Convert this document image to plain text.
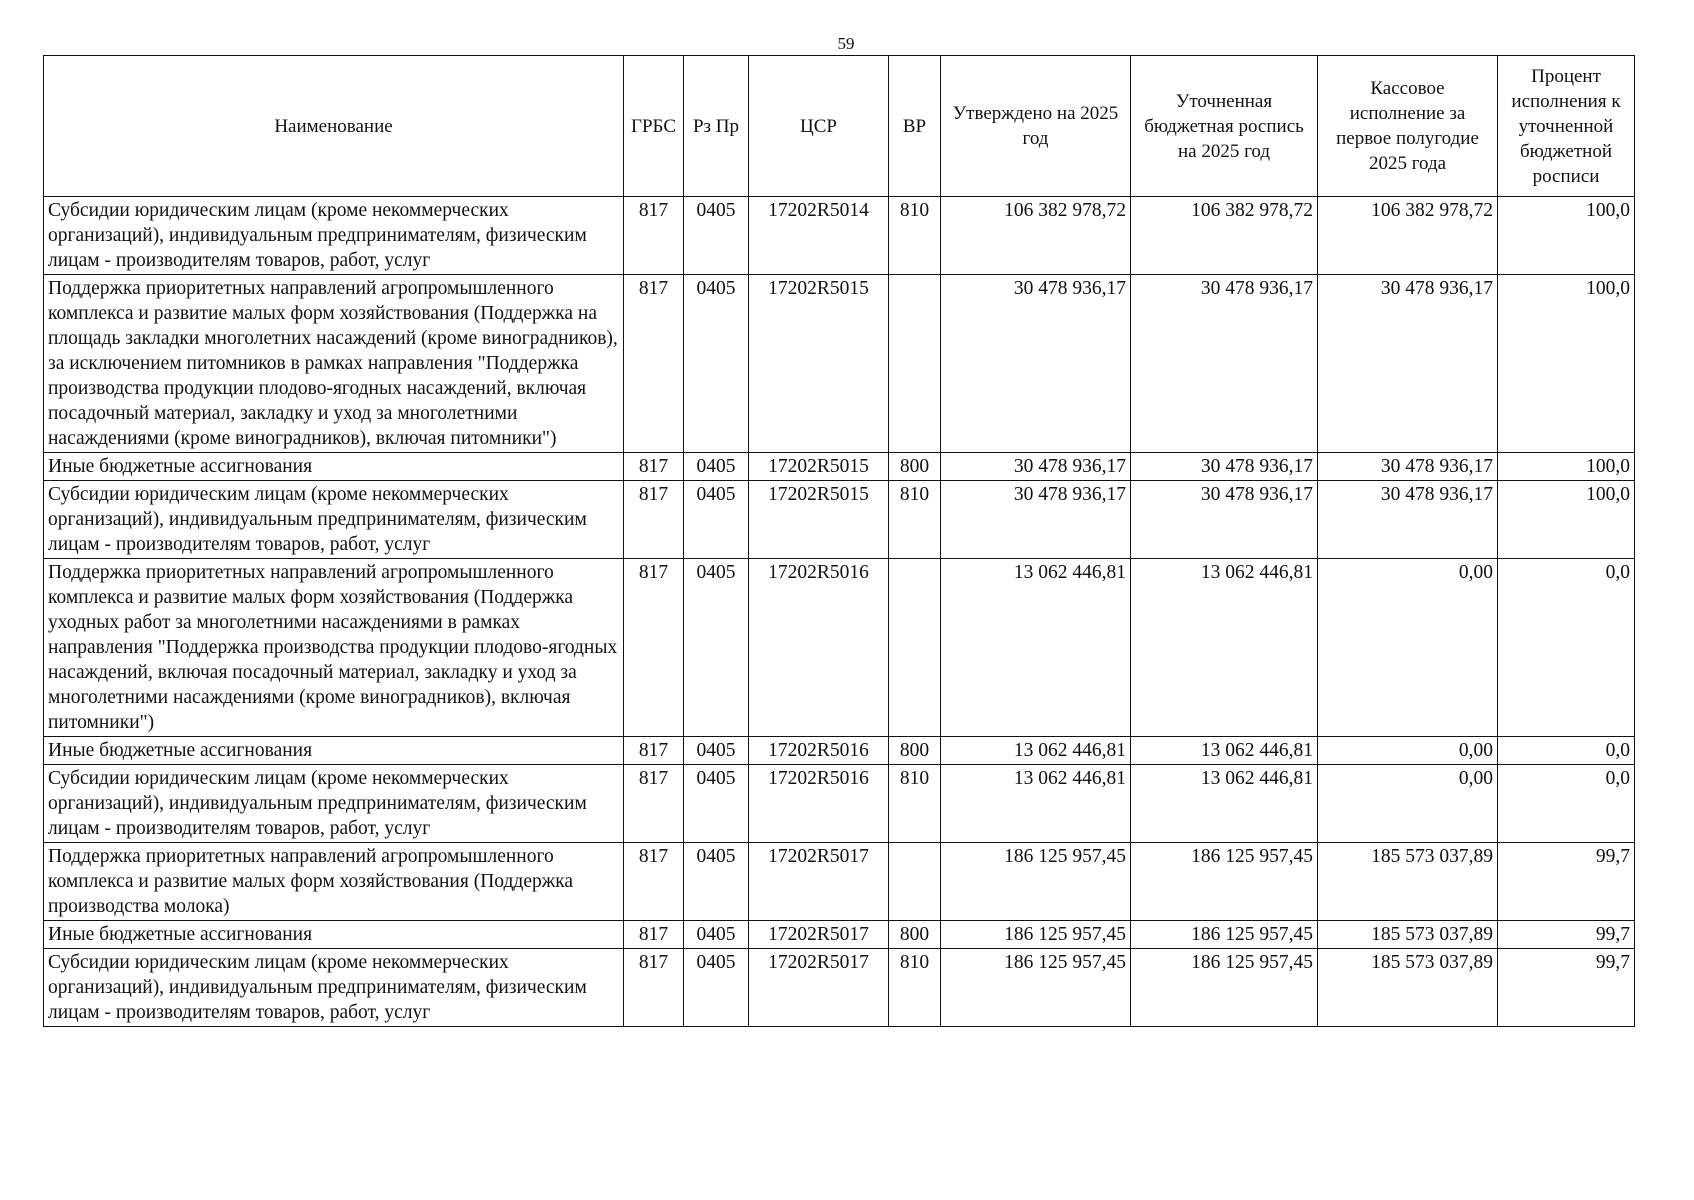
59
Наименование	ГРБС	Рз Пр	ЦСР	ВР	Утверждено на 2025 год	Уточненная бюджетная роспись на 2025 год	Кассовое исполнение за первое полугодие 2025 года	Процент исполнения к уточненной бюджетной росписи
Субсидии юридическим лицам (кроме некоммерческих организаций), индивидуальным предпринимателям, физическим лицам - производителям товаров, работ, услуг	817	0405	17202R5014	810	106 382 978,72	106 382 978,72	106 382 978,72	100,0
Поддержка приоритетных направлений агропромышленного комплекса и развитие малых форм хозяйствования (Поддержка на площадь закладки многолетних насаждений (кроме виноградников), за исключением питомников в рамках направления "Поддержка производства продукции плодово-ягодных насаждений, включая посадочный материал, закладку и уход за многолетними насаждениями (кроме виноградников), включая питомники")	817	0405	17202R5015		30 478 936,17	30 478 936,17	30 478 936,17	100,0
Иные бюджетные ассигнования	817	0405	17202R5015	800	30 478 936,17	30 478 936,17	30 478 936,17	100,0
Субсидии юридическим лицам (кроме некоммерческих организаций), индивидуальным предпринимателям, физическим лицам - производителям товаров, работ, услуг	817	0405	17202R5015	810	30 478 936,17	30 478 936,17	30 478 936,17	100,0
Поддержка приоритетных направлений агропромышленного комплекса и развитие малых форм хозяйствования (Поддержка уходных работ за многолетними насаждениями в рамках направления "Поддержка производства продукции плодово-ягодных насаждений, включая посадочный материал, закладку и уход за многолетними насаждениями (кроме виноградников), включая питомники")	817	0405	17202R5016		13 062 446,81	13 062 446,81	0,00	0,0
Иные бюджетные ассигнования	817	0405	17202R5016	800	13 062 446,81	13 062 446,81	0,00	0,0
Субсидии юридическим лицам (кроме некоммерческих организаций), индивидуальным предпринимателям, физическим лицам - производителям товаров, работ, услуг	817	0405	17202R5016	810	13 062 446,81	13 062 446,81	0,00	0,0
Поддержка приоритетных направлений агропромышленного комплекса и развитие малых форм хозяйствования (Поддержка производства молока)	817	0405	17202R5017		186 125 957,45	186 125 957,45	185 573 037,89	99,7
Иные бюджетные ассигнования	817	0405	17202R5017	800	186 125 957,45	186 125 957,45	185 573 037,89	99,7
Субсидии юридическим лицам (кроме некоммерческих организаций), индивидуальным предпринимателям, физическим лицам - производителям товаров, работ, услуг	817	0405	17202R5017	810	186 125 957,45	186 125 957,45	185 573 037,89	99,7
